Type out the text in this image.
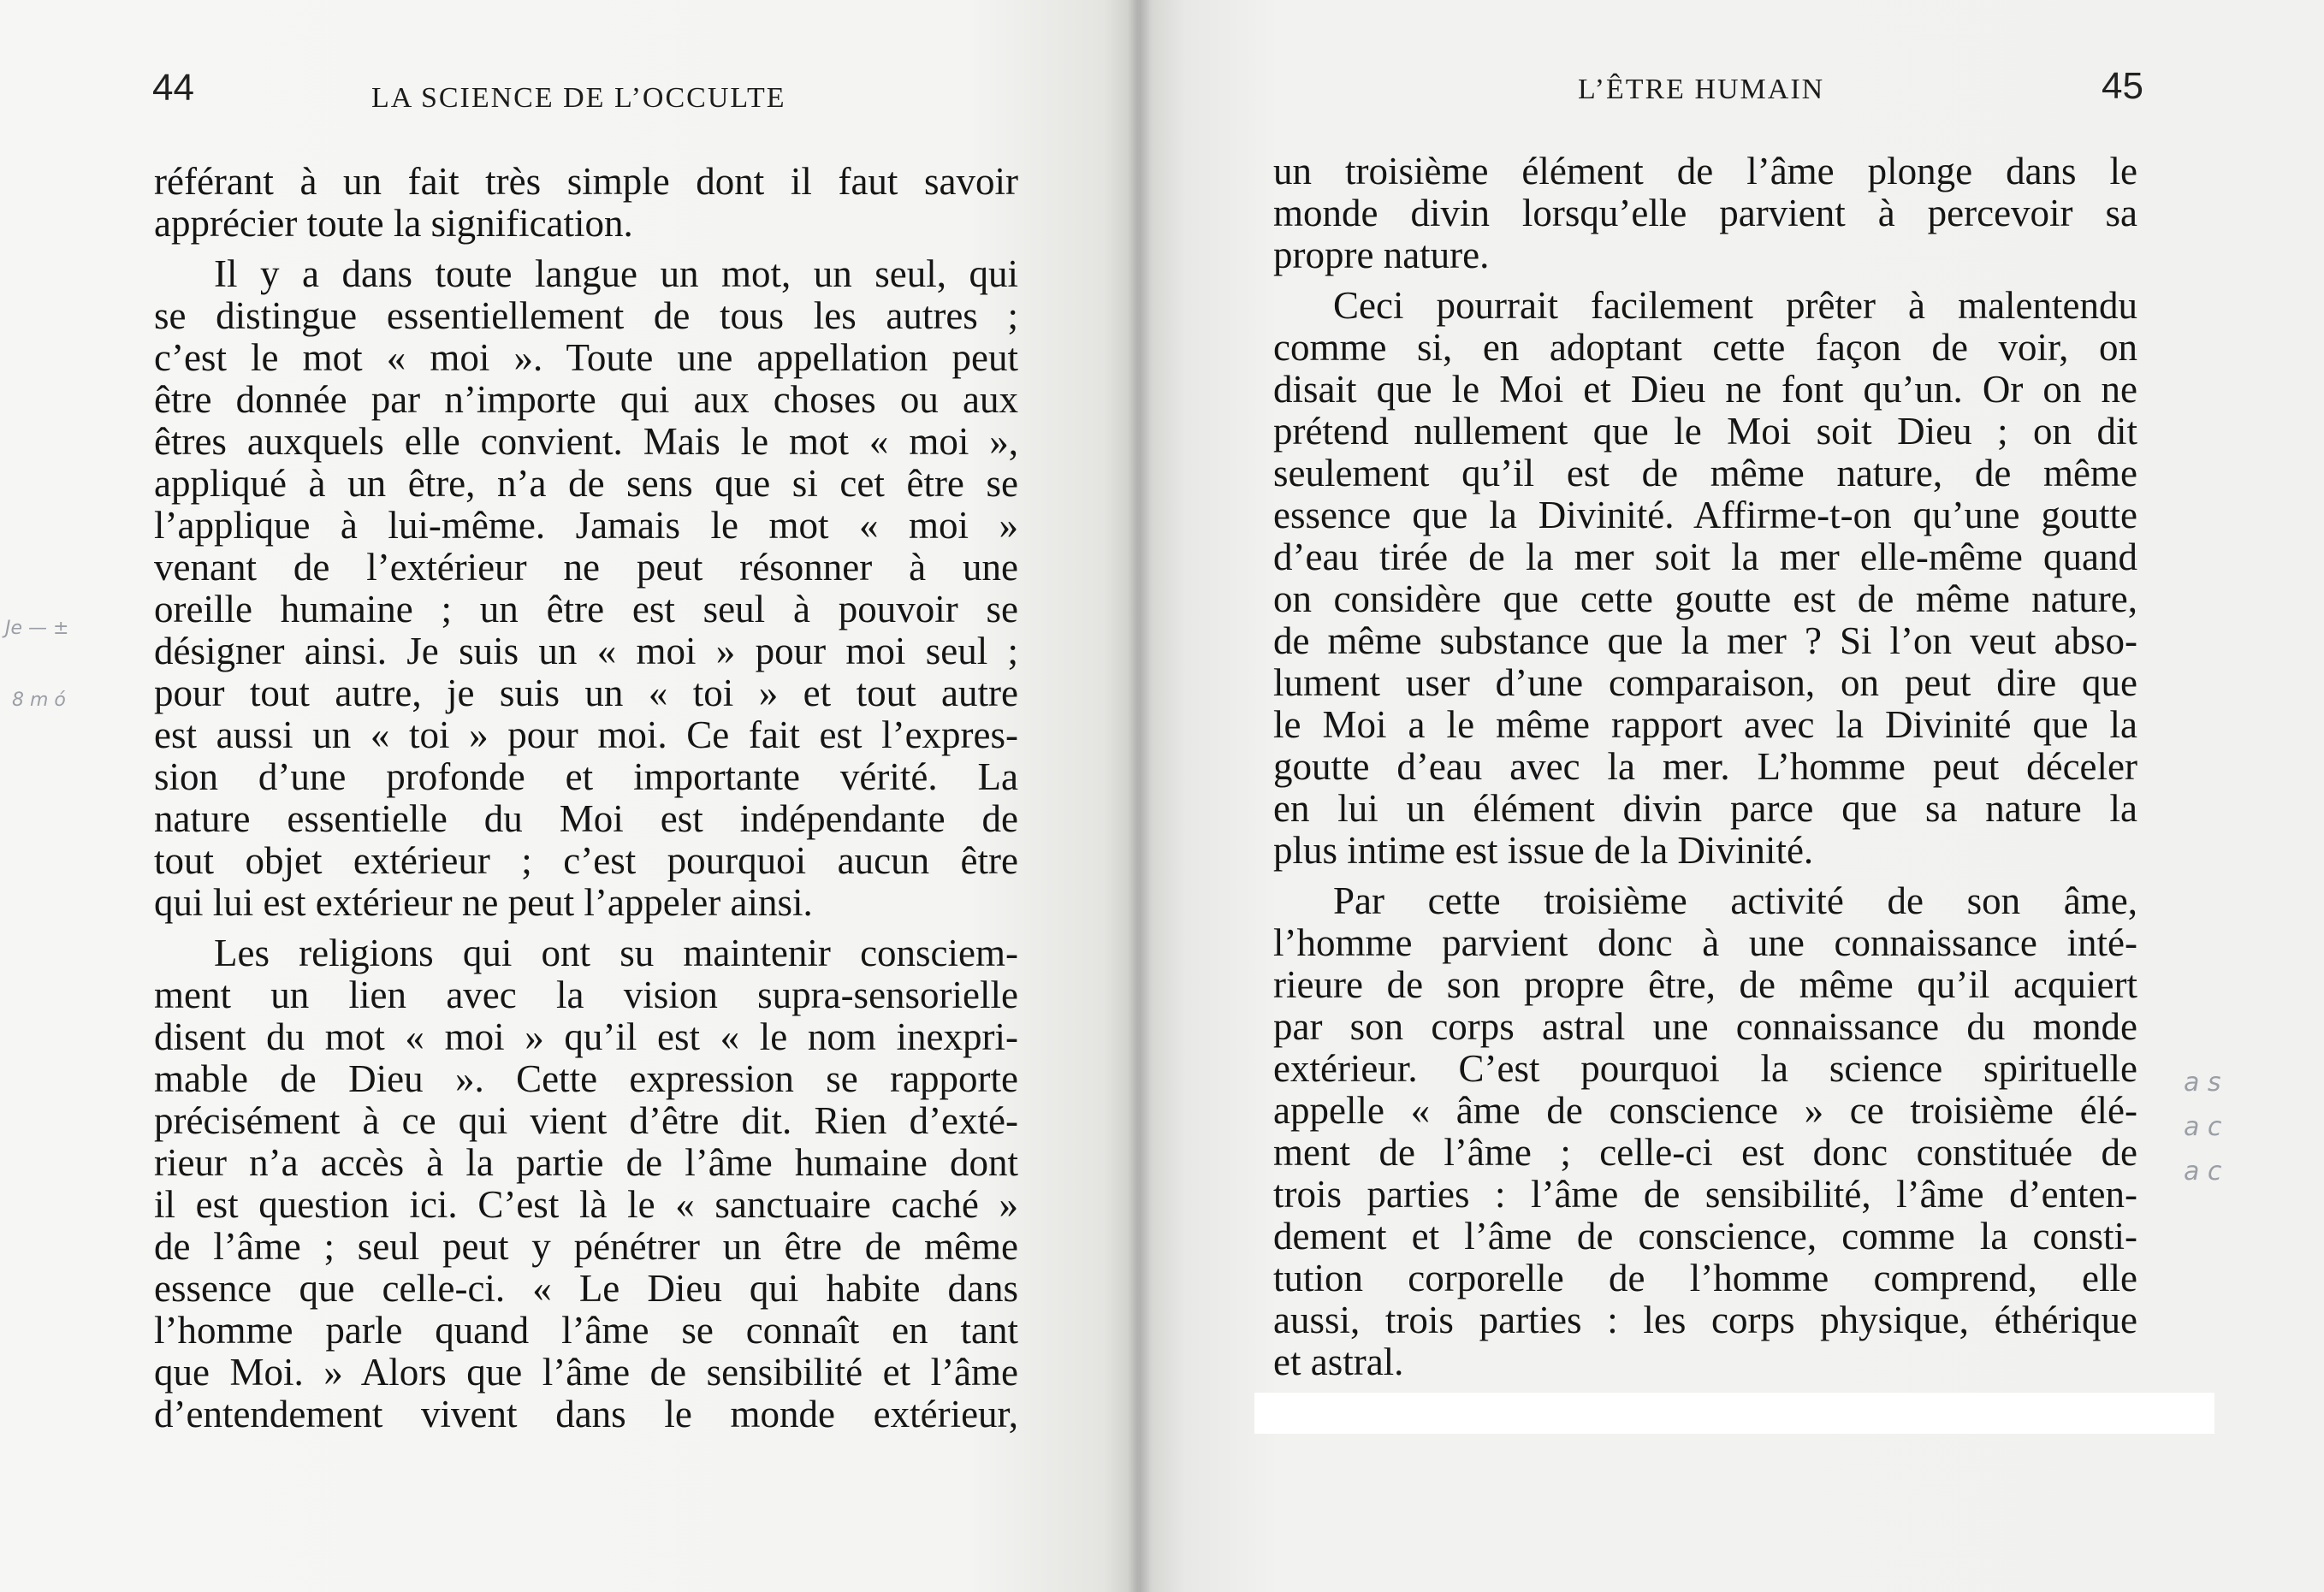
44	LA SCIENCE DE L’OCCULTE
référant à un fait très simple dont il faut savoir
apprécier toute la signification.
Il y a dans toute langue un mot, un seul, qui
se distingue essentiellement de tous les autres ;
c’est le mot « moi ». Toute une appellation peut
être donnée par n’importe qui aux choses ou aux
êtres auxquels elle convient. Mais le mot « moi »,
appliqué à un être, n’a de sens que si cet être se
l’applique à lui-même. Jamais le mot « moi »
venant de l’extérieur ne peut résonner à une
oreille humaine ; un être est seul à pouvoir se
désigner ainsi. Je suis un « moi » pour moi seul ;
pour tout autre, je suis un « toi » et tout autre
est aussi un « toi » pour moi. Ce fait est l’expres-
sion d’une profonde et importante vérité. La
nature essentielle du Moi est indépendante de
tout objet extérieur ; c’est pourquoi aucun être
qui lui est extérieur ne peut l’appeler ainsi.
Les religions qui ont su maintenir consciem-
ment un lien avec la vision supra-sensorielle
disent du mot « moi » qu’il est « le nom inexpri-
mable de Dieu ». Cette expression se rapporte
précisément à ce qui vient d’être dit. Rien d’exté-
rieur n’a accès à la partie de l’âme humaine dont
il est question ici. C’est là le « sanctuaire caché »
de l’âme ; seul peut y pénétrer un être de même
essence que celle-ci. « Le Dieu qui habite dans
l’homme parle quand l’âme se connaît en tant
que Moi. » Alors que l’âme de sensibilité et l’âme
d’entendement vivent dans le monde extérieur,
Je — ±
8 m ó
L’ÊTRE HUMAIN	45
un troisième élément de l’âme plonge dans le
monde divin lorsqu’elle parvient à percevoir sa
propre nature.
Ceci pourrait facilement prêter à malentendu
comme si, en adoptant cette façon de voir, on
disait que le Moi et Dieu ne font qu’un. Or on ne
prétend nullement que le Moi soit Dieu ; on dit
seulement qu’il est de même nature, de même
essence que la Divinité. Affirme-t-on qu’une goutte
d’eau tirée de la mer soit la mer elle-même quand
on considère que cette goutte est de même nature,
de même substance que la mer ? Si l’on veut abso-
lument user d’une comparaison, on peut dire que
le Moi a le même rapport avec la Divinité que la
goutte d’eau avec la mer. L’homme peut déceler
en lui un élément divin parce que sa nature la
plus intime est issue de la Divinité.
Par cette troisième activité de son âme,
l’homme parvient donc à une connaissance inté-
rieure de son propre être, de même qu’il acquiert
par son corps astral une connaissance du monde
extérieur. C’est pourquoi la science spirituelle
appelle « âme de conscience » ce troisième élé-
ment de l’âme ; celle-ci est donc constituée de
trois parties : l’âme de sensibilité, l’âme d’enten-
dement et l’âme de conscience, comme la consti-
tution corporelle de l’homme comprend, elle
aussi, trois parties : les corps physique, éthérique
et astral.
a s
a c
a c
